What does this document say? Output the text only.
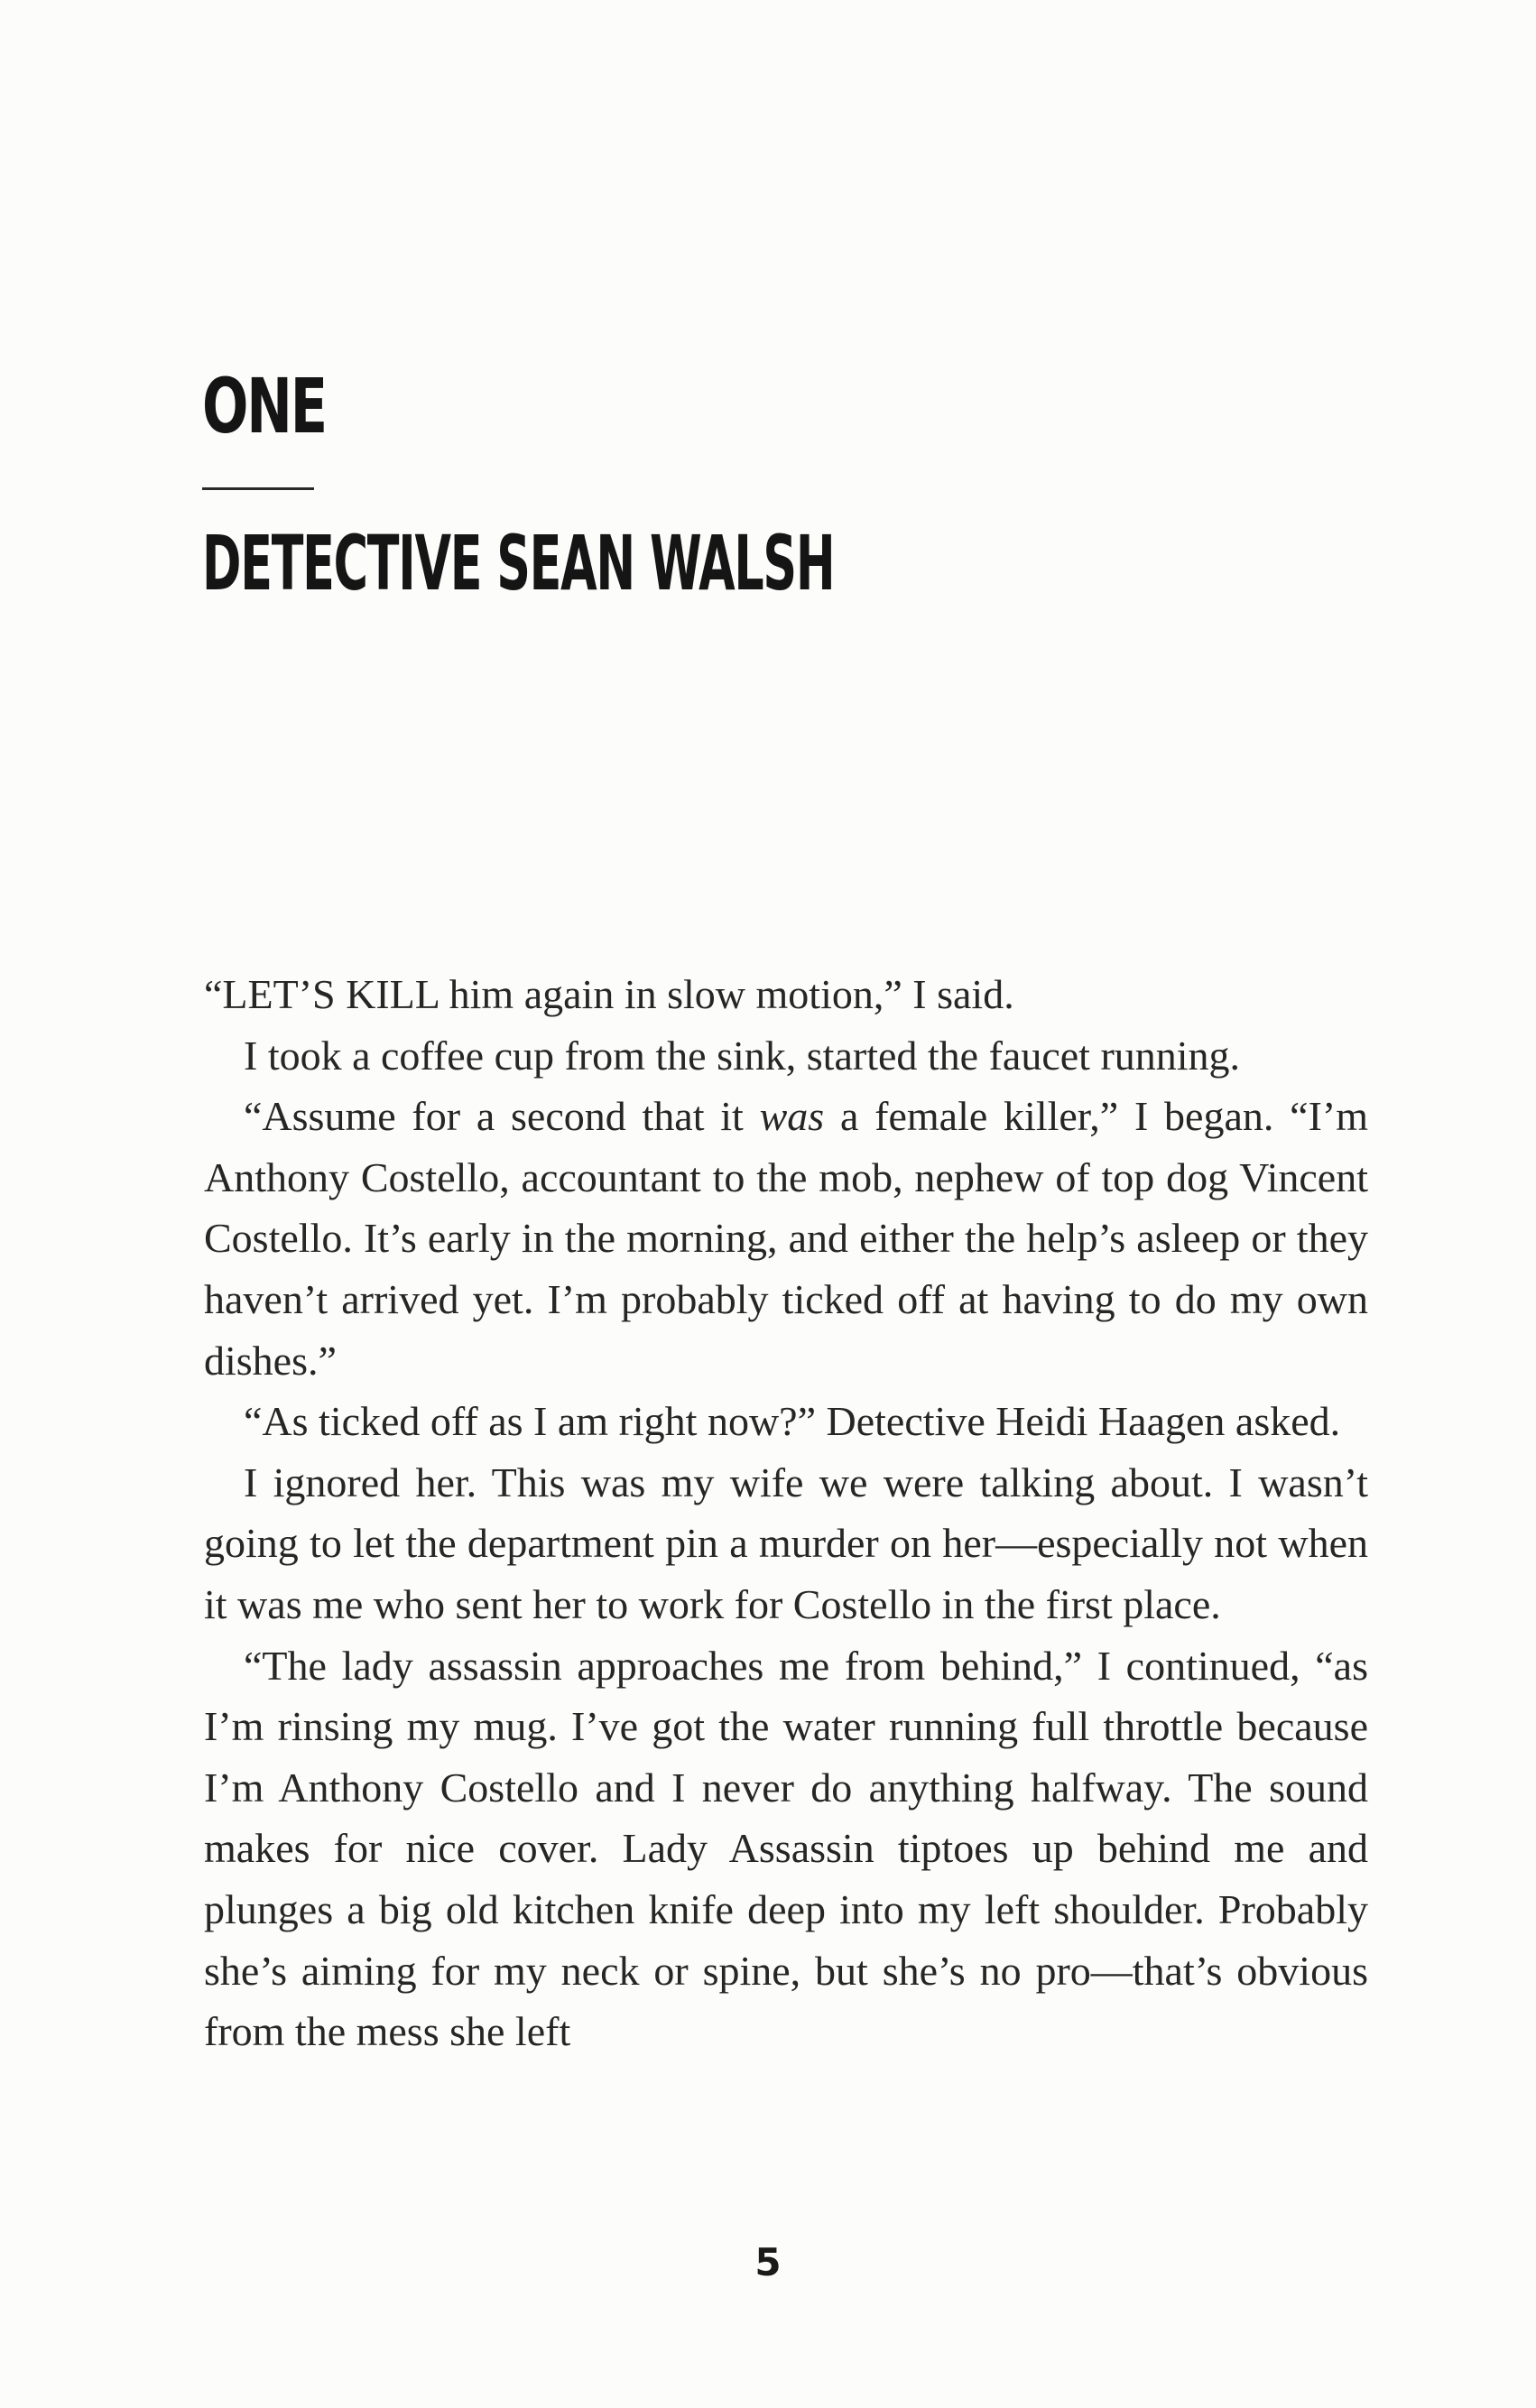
ONE
DETECTIVE SEAN WALSH

“LET’S KILL him again in slow motion,” I said.

I took a coffee cup from the sink, started the faucet running.

“Assume for a second that it was a female killer,” I began. “I’m Anthony Costello, accountant to the mob, nephew of top dog Vincent Costello. It’s early in the morning, and either the help’s asleep or they haven’t arrived yet. I’m probably ticked off at having to do my own dishes.”

“As ticked off as I am right now?” Detective Heidi Haagen asked.

I ignored her. This was my wife we were talking about. I wasn’t going to let the department pin a murder on her—especially not when it was me who sent her to work for Costello in the first place.

“The lady assassin approaches me from behind,” I continued, “as I’m rinsing my mug. I’ve got the water running full throttle because I’m Anthony Costello and I never do anything halfway. The sound makes for nice cover. Lady Assassin tiptoes up behind me and plunges a big old kitchen knife deep into my left shoulder. Probably she’s aiming for my neck or spine, but she’s no pro—that’s obvious from the mess she left

5
